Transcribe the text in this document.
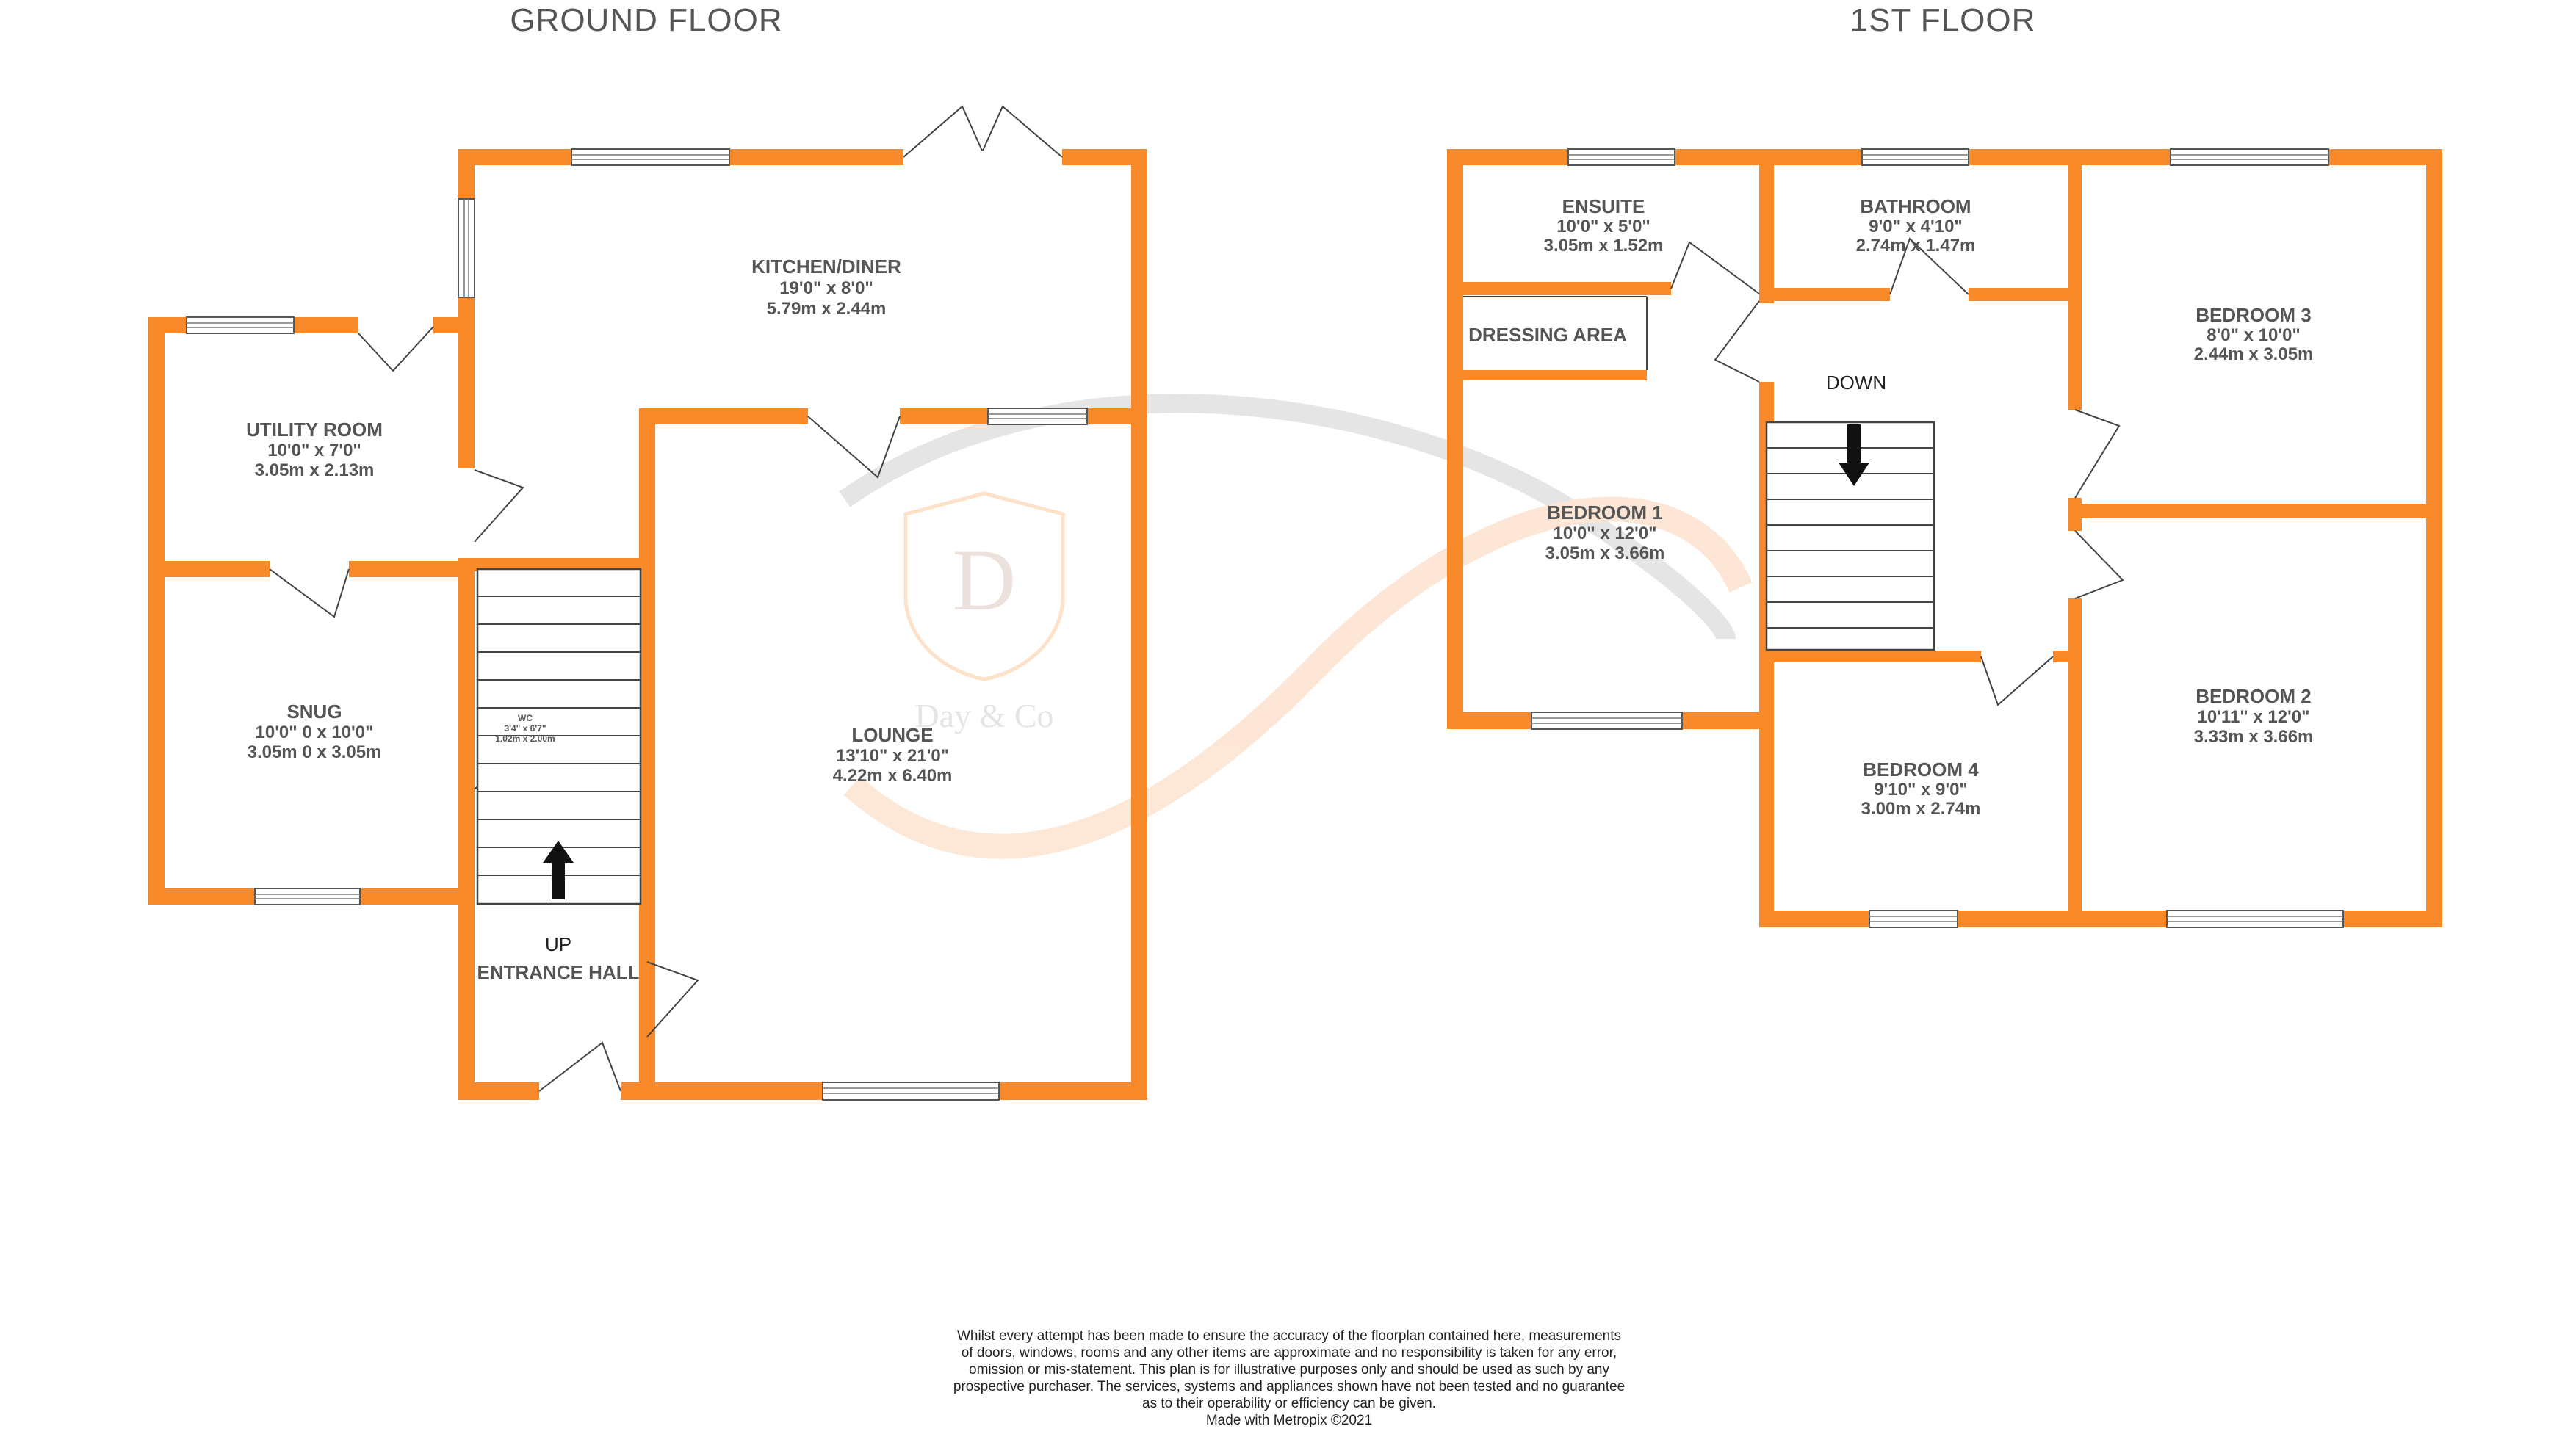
D
Day & Co
GROUND FLOOR	1ST FLOOR
KITCHEN/DINER
19'0" x 8'0"
5.79m x 2.44m
UTILITY ROOM
10'0" x 7'0"
3.05m x 2.13m
SNUG
10'0" 0 x 10'0"
3.05m 0 x 3.05m
WC
3'4" x 6'7"
1.02m x 2.00m	LOUNGE
13'10" x 21'0"
4.22m x 6.40m
UP
ENTRANCE HALL
ENSUITE
10'0" x 5'0"
3.05m x 1.52m
BATHROOM
9'0" x 4'10"
2.74m x 1.47m
DRESSING AREA
BEDROOM 1
10'0" x 12'0"
3.05m x 3.66m
BEDROOM 3
8'0" x 10'0"
2.44m x 3.05m
BEDROOM 2
10'11" x 12'0"
3.33m x 3.66m
BEDROOM 4
9'10" x 9'0"
3.00m x 2.74m
DOWN
Whilst every attempt has been made to ensure the accuracy of the floorplan contained here, measurements
of doors, windows, rooms and any other items are approximate and no responsibility is taken for any error,
omission or mis-statement. This plan is for illustrative purposes only and should be used as such by any
prospective purchaser. The services, systems and appliances shown have not been tested and no guarantee
as to their operability or efficiency can be given.
Made with Metropix ©2021
